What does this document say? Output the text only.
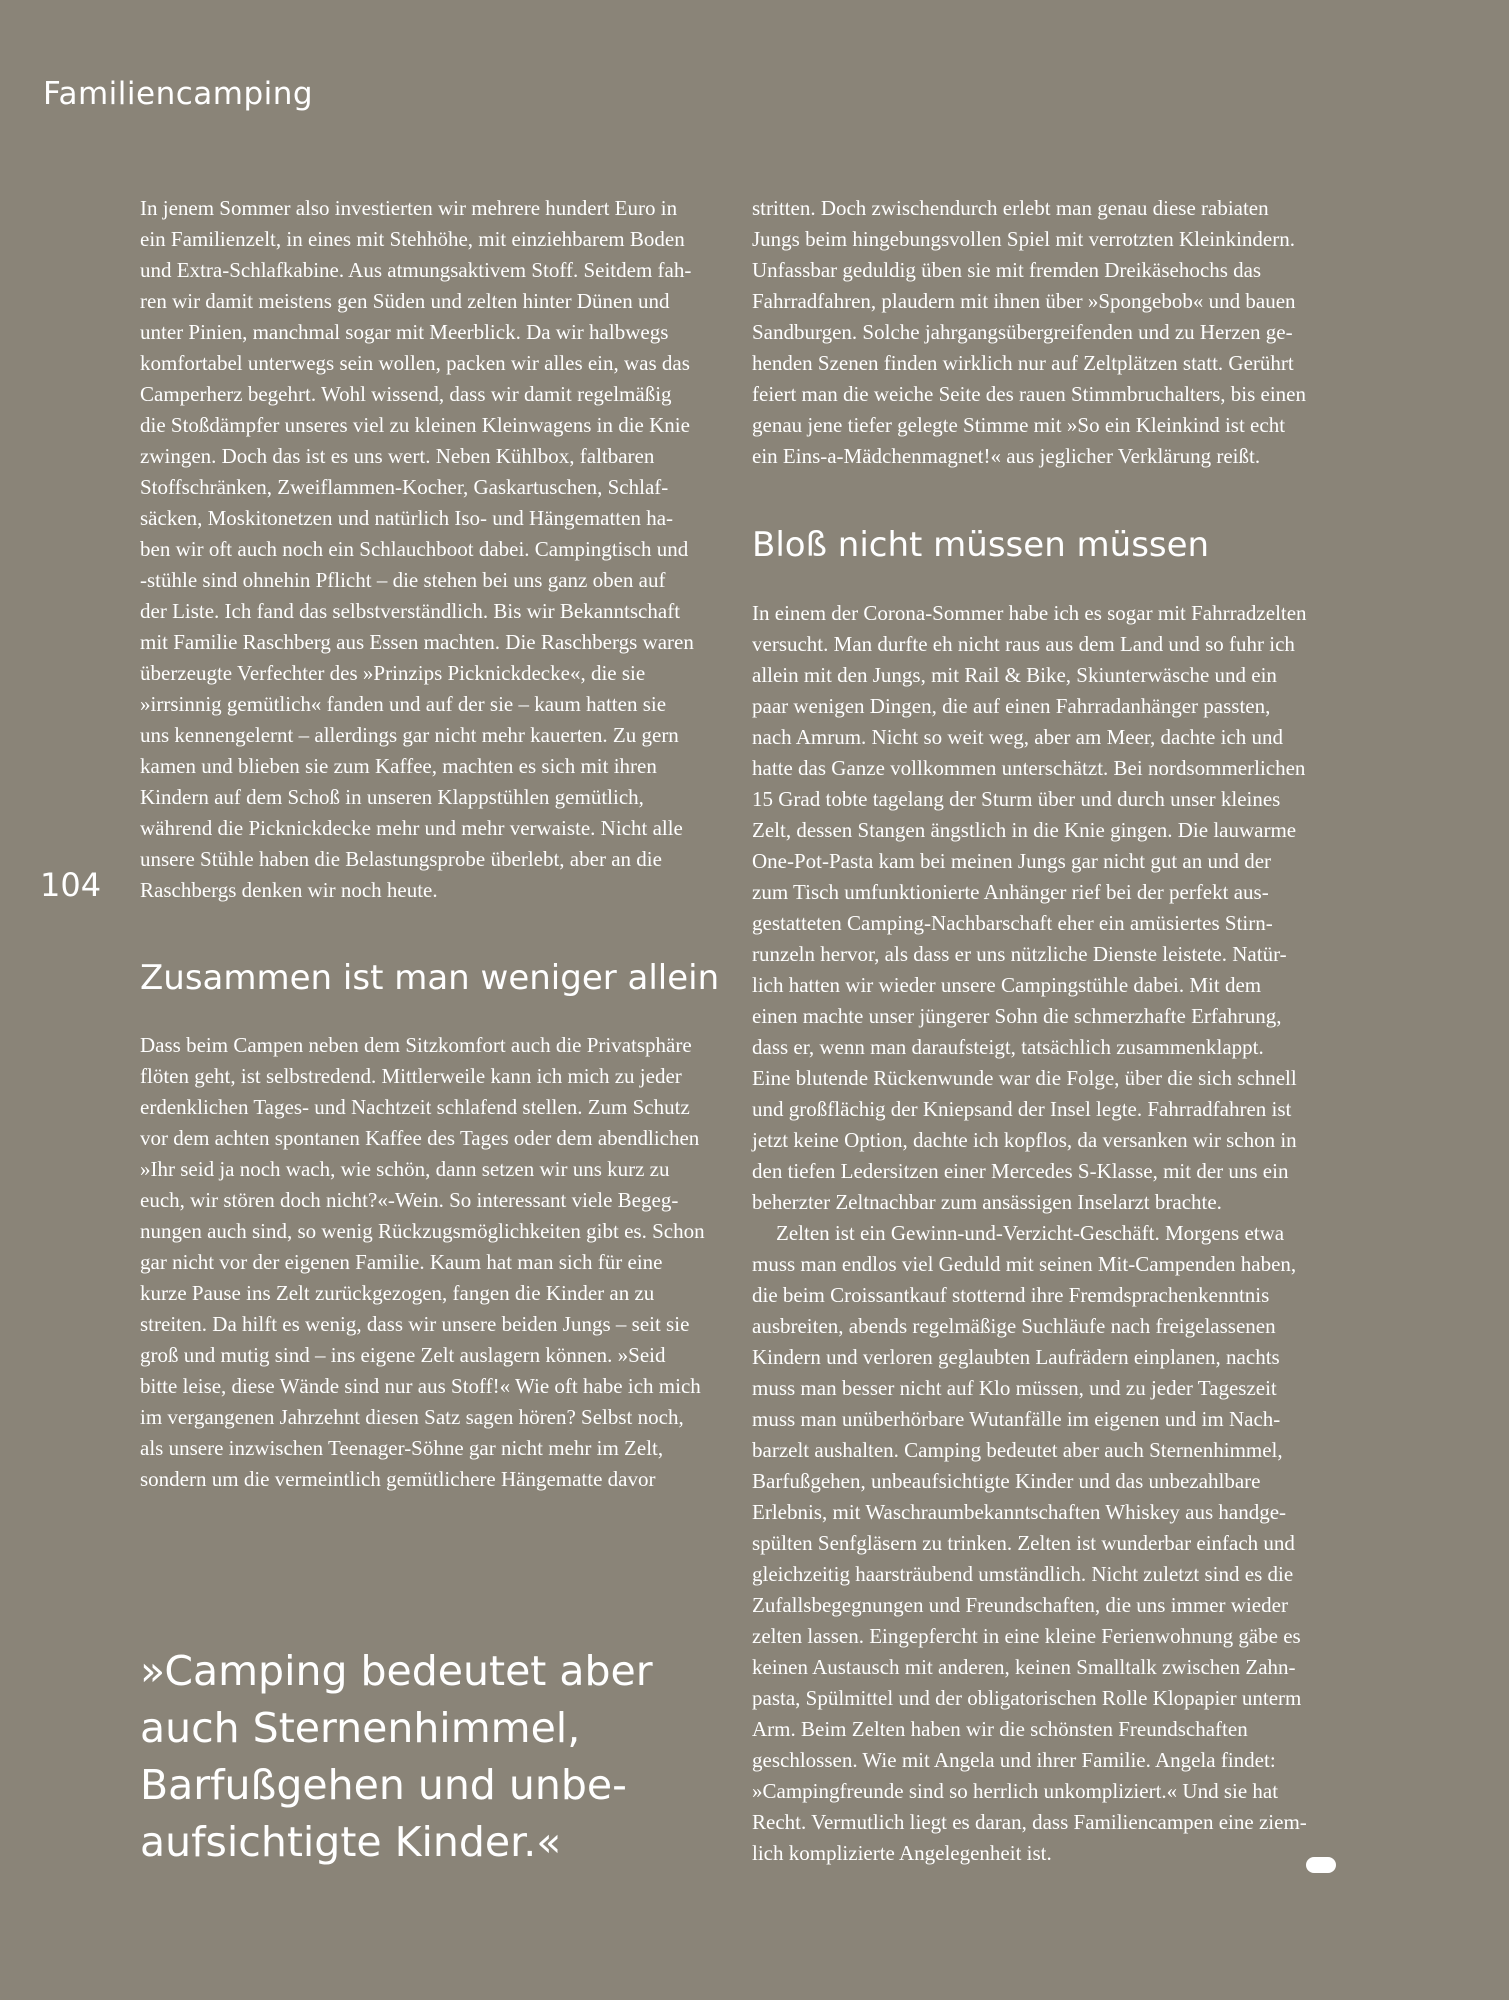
Familiencamping

In jenem Sommer also investierten wir mehrere hundert Euro in
ein Familienzelt, in eines mit Stehhöhe, mit einziehbarem Boden
und Extra-Schlafkabine. Aus atmungsaktivem Stoff. Seitdem fah-
ren wir damit meistens gen Süden und zelten hinter Dünen und
unter Pinien, manchmal sogar mit Meerblick. Da wir halbwegs
komfortabel unterwegs sein wollen, packen wir alles ein, was das
Camperherz begehrt. Wohl wissend, dass wir damit regelmäßig
die Stoßdämpfer unseres viel zu kleinen Kleinwagens in die Knie
zwingen. Doch das ist es uns wert. Neben Kühlbox, faltbaren
Stoffschränken, Zweiflammen-Kocher, Gaskartuschen, Schlaf-
säcken, Moskitonetzen und natürlich Iso- und Hängematten ha-
ben wir oft auch noch ein Schlauchboot dabei. Campingtisch und
-stühle sind ohnehin Pflicht – die stehen bei uns ganz oben auf
der Liste. Ich fand das selbstverständlich. Bis wir Bekanntschaft
mit Familie Raschberg aus Essen machten. Die Raschbergs waren
überzeugte Verfechter des »Prinzips Picknickdecke«, die sie
»irrsinnig gemütlich« fanden und auf der sie – kaum hatten sie
uns kennengelernt – allerdings gar nicht mehr kauerten. Zu gern
kamen und blieben sie zum Kaffee, machten es sich mit ihren
Kindern auf dem Schoß in unseren Klappstühlen gemütlich,
während die Picknickdecke mehr und mehr verwaiste. Nicht alle
unsere Stühle haben die Belastungsprobe überlebt, aber an die
Raschbergs denken wir noch heute.

104
Zusammen ist man weniger allein

Dass beim Campen neben dem Sitzkomfort auch die Privatsphäre
flöten geht, ist selbstredend. Mittlerweile kann ich mich zu jeder
erdenklichen Tages- und Nachtzeit schlafend stellen. Zum Schutz
vor dem achten spontanen Kaffee des Tages oder dem abendlichen
»Ihr seid ja noch wach, wie schön, dann setzen wir uns kurz zu
euch, wir stören doch nicht?«-Wein. So interessant viele Begeg-
nungen auch sind, so wenig Rückzugsmöglichkeiten gibt es. Schon
gar nicht vor der eigenen Familie. Kaum hat man sich für eine
kurze Pause ins Zelt zurückgezogen, fangen die Kinder an zu
streiten. Da hilft es wenig, dass wir unsere beiden Jungs – seit sie
groß und mutig sind – ins eigene Zelt auslagern können. »Seid
bitte leise, diese Wände sind nur aus Stoff!« Wie oft habe ich mich
im vergangenen Jahrzehnt diesen Satz sagen hören? Selbst noch,
als unsere inzwischen Teenager-Söhne gar nicht mehr im Zelt,
sondern um die vermeintlich gemütlichere Hängematte davor

»Camping bedeutet aber
auch Sternenhimmel,
Barfußgehen und unbe-
aufsichtigte Kinder.«

stritten. Doch zwischendurch erlebt man genau diese rabiaten
Jungs beim hingebungsvollen Spiel mit verrotzten Kleinkindern.
Unfassbar geduldig üben sie mit fremden Dreikäsehochs das
Fahrradfahren, plaudern mit ihnen über »Spongebob« und bauen
Sandburgen. Solche jahrgangsübergreifenden und zu Herzen ge-
henden Szenen finden wirklich nur auf Zeltplätzen statt. Gerührt
feiert man die weiche Seite des rauen Stimmbruchalters, bis einen
genau jene tiefer gelegte Stimme mit »So ein Kleinkind ist echt
ein Eins-a-Mädchenmagnet!« aus jeglicher Verklärung reißt.

Bloß nicht müssen müssen

In einem der Corona-Sommer habe ich es sogar mit Fahrradzelten
versucht. Man durfte eh nicht raus aus dem Land und so fuhr ich
allein mit den Jungs, mit Rail & Bike, Skiunterwäsche und ein
paar wenigen Dingen, die auf einen Fahrradanhänger passten,
nach Amrum. Nicht so weit weg, aber am Meer, dachte ich und
hatte das Ganze vollkommen unterschätzt. Bei nordsommerlichen
15 Grad tobte tagelang der Sturm über und durch unser kleines
Zelt, dessen Stangen ängstlich in die Knie gingen. Die lauwarme
One-Pot-Pasta kam bei meinen Jungs gar nicht gut an und der
zum Tisch umfunktionierte Anhänger rief bei der perfekt aus-
gestatteten Camping-Nachbarschaft eher ein amüsiertes Stirn-
runzeln hervor, als dass er uns nützliche Dienste leistete. Natür-
lich hatten wir wieder unsere Campingstühle dabei. Mit dem
einen machte unser jüngerer Sohn die schmerzhafte Erfahrung,
dass er, wenn man daraufsteigt, tatsächlich zusammenklappt.
Eine blutende Rückenwunde war die Folge, über die sich schnell
und großflächig der Kniepsand der Insel legte. Fahrradfahren ist
jetzt keine Option, dachte ich kopflos, da versanken wir schon in
den tiefen Ledersitzen einer Mercedes S-Klasse, mit der uns ein
beherzter Zeltnachbar zum ansässigen Inselarzt brachte.

Zelten ist ein Gewinn-und-Verzicht-Geschäft. Morgens etwa
muss man endlos viel Geduld mit seinen Mit-Campenden haben,
die beim Croissantkauf stotternd ihre Fremdsprachenkenntnis
ausbreiten, abends regelmäßige Suchläufe nach freigelassenen
Kindern und verloren geglaubten Laufrädern einplanen, nachts
muss man besser nicht auf Klo müssen, und zu jeder Tageszeit
muss man unüberhörbare Wutanfälle im eigenen und im Nach-
barzelt aushalten. Camping bedeutet aber auch Sternenhimmel,
Barfußgehen, unbeaufsichtigte Kinder und das unbezahlbare
Erlebnis, mit Waschraumbekanntschaften Whiskey aus handge-
spülten Senfgläsern zu trinken. Zelten ist wunderbar einfach und
gleichzeitig haarsträubend umständlich. Nicht zuletzt sind es die
Zufallsbegegnungen und Freundschaften, die uns immer wieder
zelten lassen. Eingepfercht in eine kleine Ferienwohnung gäbe es
keinen Austausch mit anderen, keinen Smalltalk zwischen Zahn-
pasta, Spülmittel und der obligatorischen Rolle Klopapier unterm
Arm. Beim Zelten haben wir die schönsten Freundschaften
geschlossen. Wie mit Angela und ihrer Familie. Angela findet:
»Campingfreunde sind so herrlich unkompliziert.« Und sie hat
Recht. Vermutlich liegt es daran, dass Familiencampen eine ziem-
lich komplizierte Angelegenheit ist.
